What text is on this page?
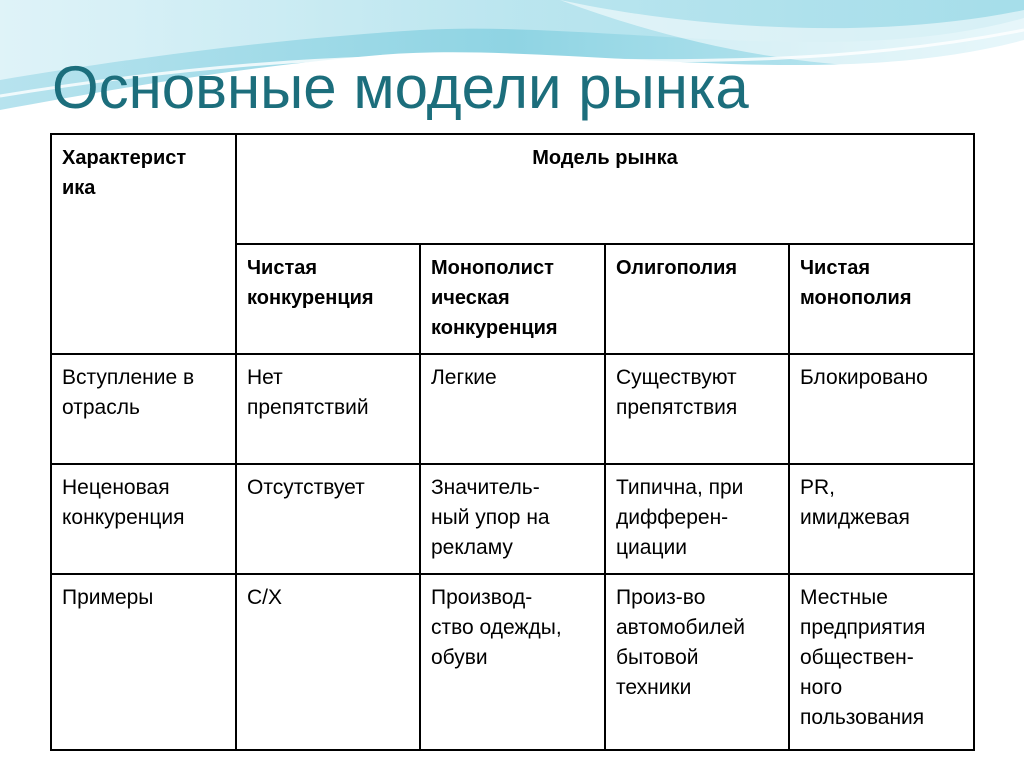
Основные модели рынка
Характерист
ика	Модель рынка			

	Чистая
конкуренция	Монополист
ическая
конкуренция	Олигополия	Чистая
монополия

Вступление в
отрасль	Нет
препятствий	Легкие	Существуют
препятствия	Блокировано

Неценовая
конкуренция	Отсутствует	Значитель-
ный упор на
рекламу	Типична, при
дифферен-
циации	PR,
имиджевая

Примеры	С/Х	Производ-
ство одежды,
обуви	Произ-во
автомобилей
бытовой
техники	Местные
предприятия
обществен-
ного
пользования
